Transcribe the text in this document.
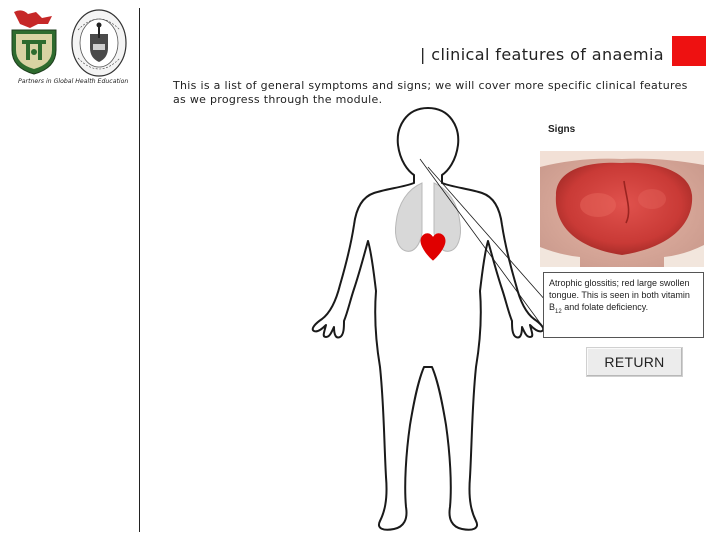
Partners in Global Health Education
| clinical features of anaemia
This is a list of general symptoms and signs; we will cover more specific clinical features as we progress through the module.
Signs
Atrophic glossitis; red large swollen tongue. This is seen in both vitamin $B_{12}$ and folate deficiency.
RETURN
